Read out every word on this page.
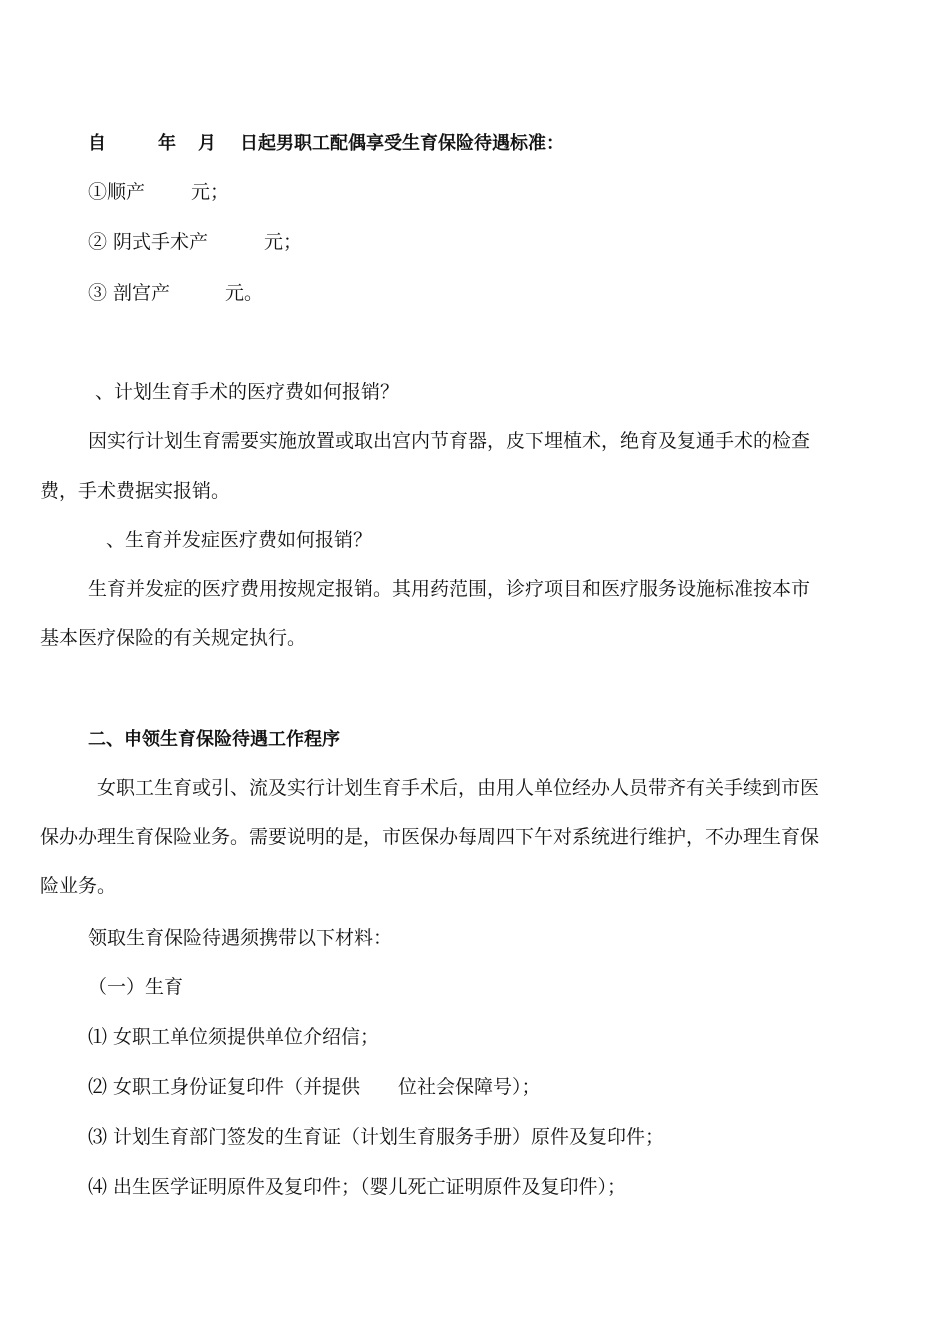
自	年 月 日起男职工配偶享受生育保险待遇标准：

①顺产 元；

② 阴式手术产	元；

③ 剖宫产	元。

、计划生育手术的医疗费如何报销？

因实行计划生育需要实施放置或取出宫内节育器，皮下埋植术，绝育及复通手术的检查

费，手术费据实报销。

、生育并发症医疗费如何报销？

生育并发症的医疗费用按规定报销。其用药范围，诊疗项目和医疗服务设施标准按本市

基本医疗保险的有关规定执行。

二、申领生育保险待遇工作程序

女职工生育或引、流及实行计划生育手术后，由用人单位经办人员带齐有关手续到市医

保办办理生育保险业务。需要说明的是，市医保办每周四下午对系统进行维护，不办理生育保

险业务。

领取生育保险待遇须携带以下材料：

（一）生育

⑴ 女职工单位须提供单位介绍信；

⑵ 女职工身份证复印件（并提供 位社会保障号）；

⑶ 计划生育部门签发的生育证（计划生育服务手册）原件及复印件；

⑷ 出生医学证明原件及复印件；（婴儿死亡证明原件及复印件）；
